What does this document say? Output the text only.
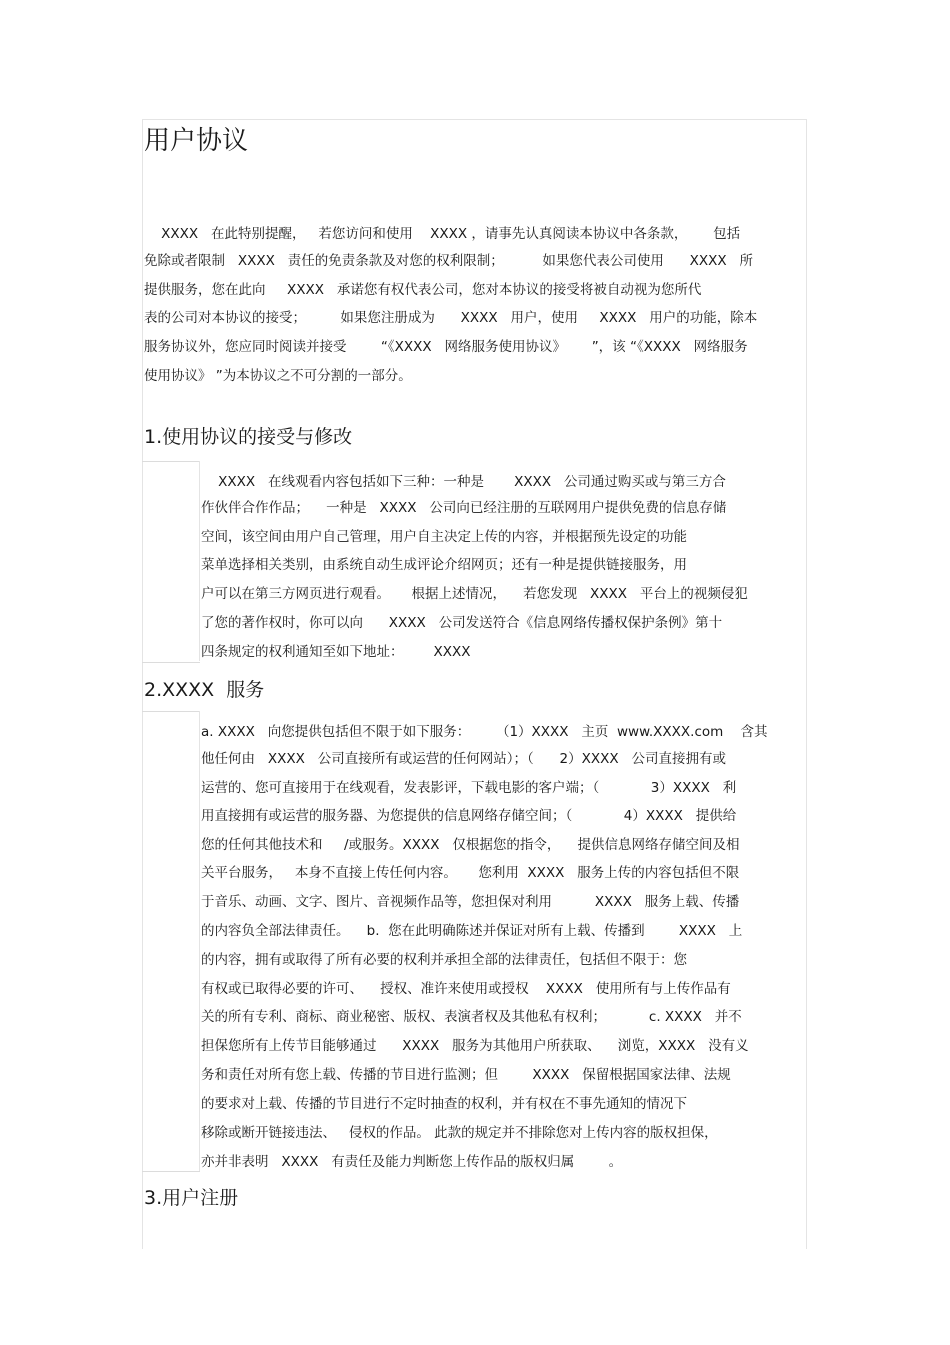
用户协议

XXXX   在此特别提醒，   若您访问和使用    XXXX ，请事先认真阅读本协议中各条款，      包括

免除或者限制   XXXX   责任的免责条款及对您的权利限制；         如果您代表公司使用      XXXX   所

提供服务，您在此向     XXXX   承诺您有权代表公司，您对本协议的接受将被自动视为您所代

表的公司对本协议的接受；        如果您注册成为      XXXX   用户，使用     XXXX   用户的功能，除本

服务协议外，您应同时阅读并接受        “《XXXX   网络服务使用协议》      ”，该 “《XXXX   网络服务

使用协议》 ”为本协议之不可分割的一部分。

1.使用协议的接受与修改

XXXX   在线观看内容包括如下三种：一种是       XXXX   公司通过购买或与第三方合

作伙伴合作作品；    一种是   XXXX   公司向已经注册的互联网用户提供免费的信息存储

空间，该空间由用户自己管理，用户自主决定上传的内容，并根据预先设定的功能

菜单选择相关类别，由系统自动生成评论介绍网页；还有一种是提供链接服务，用

户可以在第三方网页进行观看。     根据上述情况，    若您发现   XXXX   平台上的视频侵犯

了您的著作权时，你可以向      XXXX   公司发送符合《信息网络传播权保护条例》第十

四条规定的权利通知至如下地址：       XXXX

2.XXXX  服务

a. XXXX   向您提供包括但不限于如下服务：      （1）XXXX   主页  www.XXXX.com    含其

他任何由   XXXX   公司直接所有或运营的任何网站）；（      2）XXXX   公司直接拥有或

运营的、您可直接用于在线观看，发表影评，下载电影的客户端；（            3）XXXX   利

用直接拥有或运营的服务器、为您提供的信息网络存储空间；（            4）XXXX   提供给

您的任何其他技术和     /或服务。XXXX   仅根据您的指令，    提供信息网络存储空间及相

关平台服务，   本身不直接上传任何内容。     您利用  XXXX   服务上传的内容包括但不限

于音乐、动画、文字、图片、音视频作品等，您担保对利用          XXXX   服务上载、传播

的内容负全部法律责任。    b.  您在此明确陈述并保证对所有上载、传播到        XXXX   上

的内容，拥有或取得了所有必要的权利并承担全部的法律责任，包括但不限于：您

有权或已取得必要的许可、    授权、准许来使用或授权    XXXX   使用所有与上传作品有

关的所有专利、商标、商业秘密、版权、表演者权及其他私有权利；          c. XXXX   并不

担保您所有上传节目能够通过      XXXX   服务为其他用户所获取、    浏览，XXXX   没有义

务和责任对所有您上载、传播的节目进行监测；但        XXXX   保留根据国家法律、法规

的要求对上载、传播的节目进行不定时抽查的权利，并有权在不事先通知的情况下

移除或断开链接违法、   侵权的作品。 此款的规定并不排除您对上传内容的版权担保，

亦并非表明   XXXX   有责任及能力判断您上传作品的版权归属        。

3.用户注册
